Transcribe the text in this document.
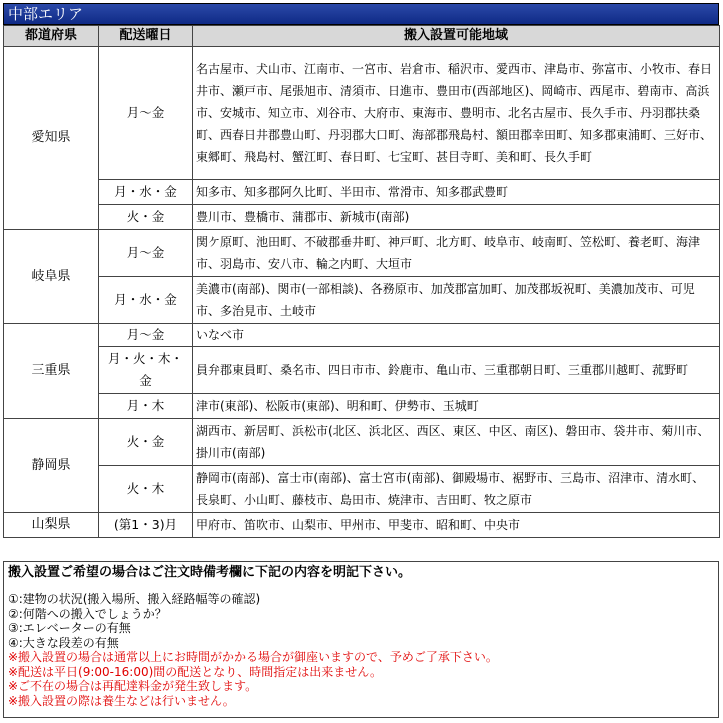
中部エリア
都道府県	配送曜日	搬入設置可能地域
愛知県	月～金	名古屋市、犬山市、江南市、一宮市、岩倉市、稲沢市、愛西市、津島市、弥富市、小牧市、春日井市、瀬戸市、尾張旭市、清須市、日進市、豊田市(西部地区)、岡崎市、西尾市、碧南市、高浜市、安城市、知立市、刈谷市、大府市、東海市、豊明市、北名古屋市、長久手市、丹羽郡扶桑町、西春日井郡豊山町、丹羽郡大口町、海部郡飛島村、額田郡幸田町、知多郡東浦町、三好市、東郷町、飛島村、蟹江町、春日町、七宝町、甚目寺町、美和町、長久手町
	月・水・金	知多市、知多郡阿久比町、半田市、常滑市、知多郡武豊町
	火・金	豊川市、豊橋市、蒲郡市、新城市(南部)
岐阜県	月～金	関ケ原町、池田町、不破郡垂井町、神戸町、北方町、岐阜市、岐南町、笠松町、養老町、海津市、羽島市、安八市、輪之内町、大垣市
	月・水・金	美濃市(南部)、関市(一部相談)、各務原市、加茂郡富加町、加茂郡坂祝町、美濃加茂市、可児市、多治見市、土岐市
三重県	月～金	いなべ市
	月・火・木・金	員弁郡東員町、桑名市、四日市市、鈴鹿市、亀山市、三重郡朝日町、三重郡川越町、菰野町
	月・木	津市(東部)、松阪市(東部)、明和町、伊勢市、玉城町
静岡県	火・金	湖西市、新居町、浜松市(北区、浜北区、西区、東区、中区、南区)、磐田市、袋井市、菊川市、掛川市(南部)
	火・木	静岡市(南部)、富士市(南部)、富士宮市(南部)、御殿場市、裾野市、三島市、沼津市、清水町、長泉町、小山町、藤枝市、島田市、焼津市、吉田町、牧之原市
山梨県	(第1・3)月	甲府市、笛吹市、山梨市、甲州市、甲斐市、昭和町、中央市
搬入設置ご希望の場合はご注文時備考欄に下記の内容を明記下さい。
①:建物の状況(搬入場所、搬入経路幅等の確認)
②:何階への搬入でしょうか？
③:エレベーターの有無
④:大きな段差の有無
※搬入設置の場合は通常以上にお時間がかかる場合が御座いますので、予めご了承下さい。
※配送は平日(9:00-16:00)間の配送となり、時間指定は出来ません。
※ご不在の場合は再配達料金が発生致します。
※搬入設置の際は養生などは行いません。
